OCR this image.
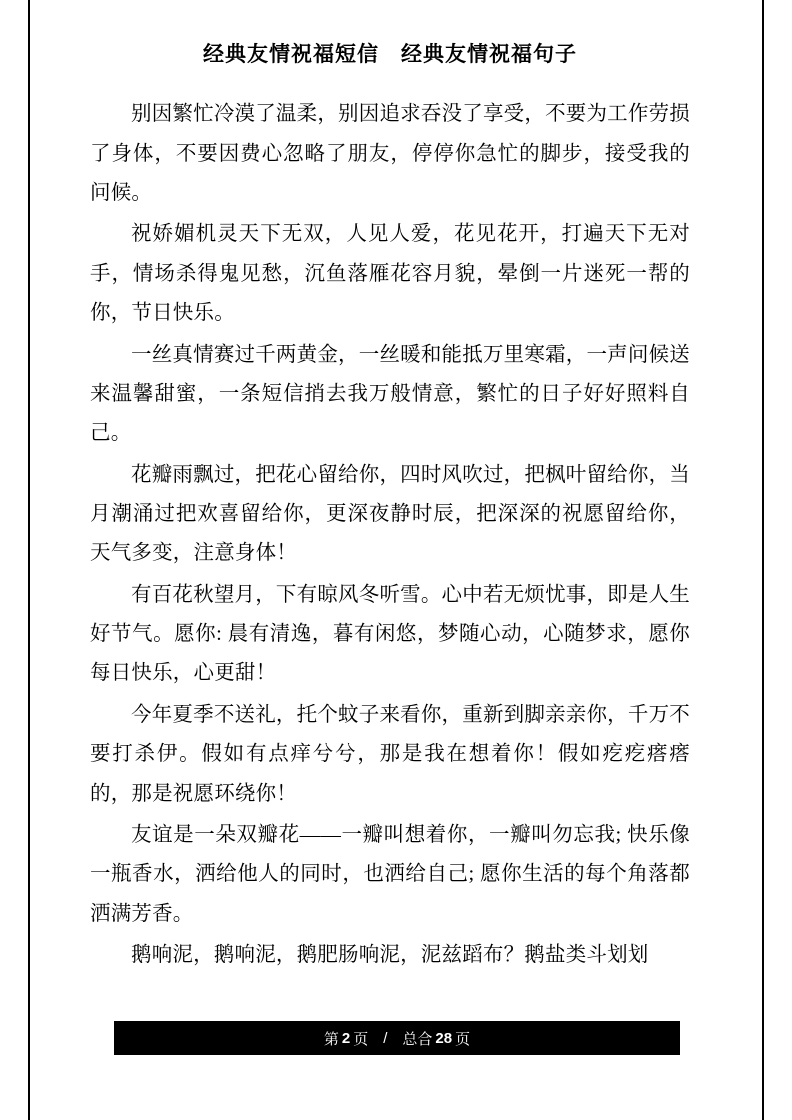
经典友情祝福短信　经典友情祝福句子

别因繁忙冷漠了温柔，别因追求吞没了享受，不要为工作劳损了身体，不要因费心忽略了朋友，停停你急忙的脚步，接受我的问候。

祝娇媚机灵天下无双，人见人爱，花见花开，打遍天下无对手，情场杀得鬼见愁，沉鱼落雁花容月貌，晕倒一片迷死一帮的你，节日快乐。

一丝真情赛过千两黄金，一丝暖和能抵万里寒霜，一声问候送来温馨甜蜜，一条短信捎去我万般情意，繁忙的日子好好照料自己。

花瓣雨飘过，把花心留给你，四时风吹过，把枫叶留给你，当月潮涌过把欢喜留给你，更深夜静时辰，把深深的祝愿留给你，天气多变，注意身体！

有百花秋望月，下有晾风冬听雪。心中若无烦忧事，即是人生好节气。愿你: 晨有清逸，暮有闲悠，梦随心动，心随梦求，愿你每日快乐，心更甜！

今年夏季不送礼，托个蚊子来看你，重新到脚亲亲你，千万不要打杀伊。假如有点痒兮兮，那是我在想着你！假如疙疙瘩瘩的，那是祝愿环绕你！

友谊是一朵双瓣花——一瓣叫想着你，一瓣叫勿忘我; 快乐像一瓶香水，洒给他人的同时，也洒给自己; 愿你生活的每个角落都洒满芳香。

鹅响泥，鹅响泥，鹅肥肠响泥，泥兹蹈布？鹅盐类斗划划

第 2 页	/	总合 28 页
